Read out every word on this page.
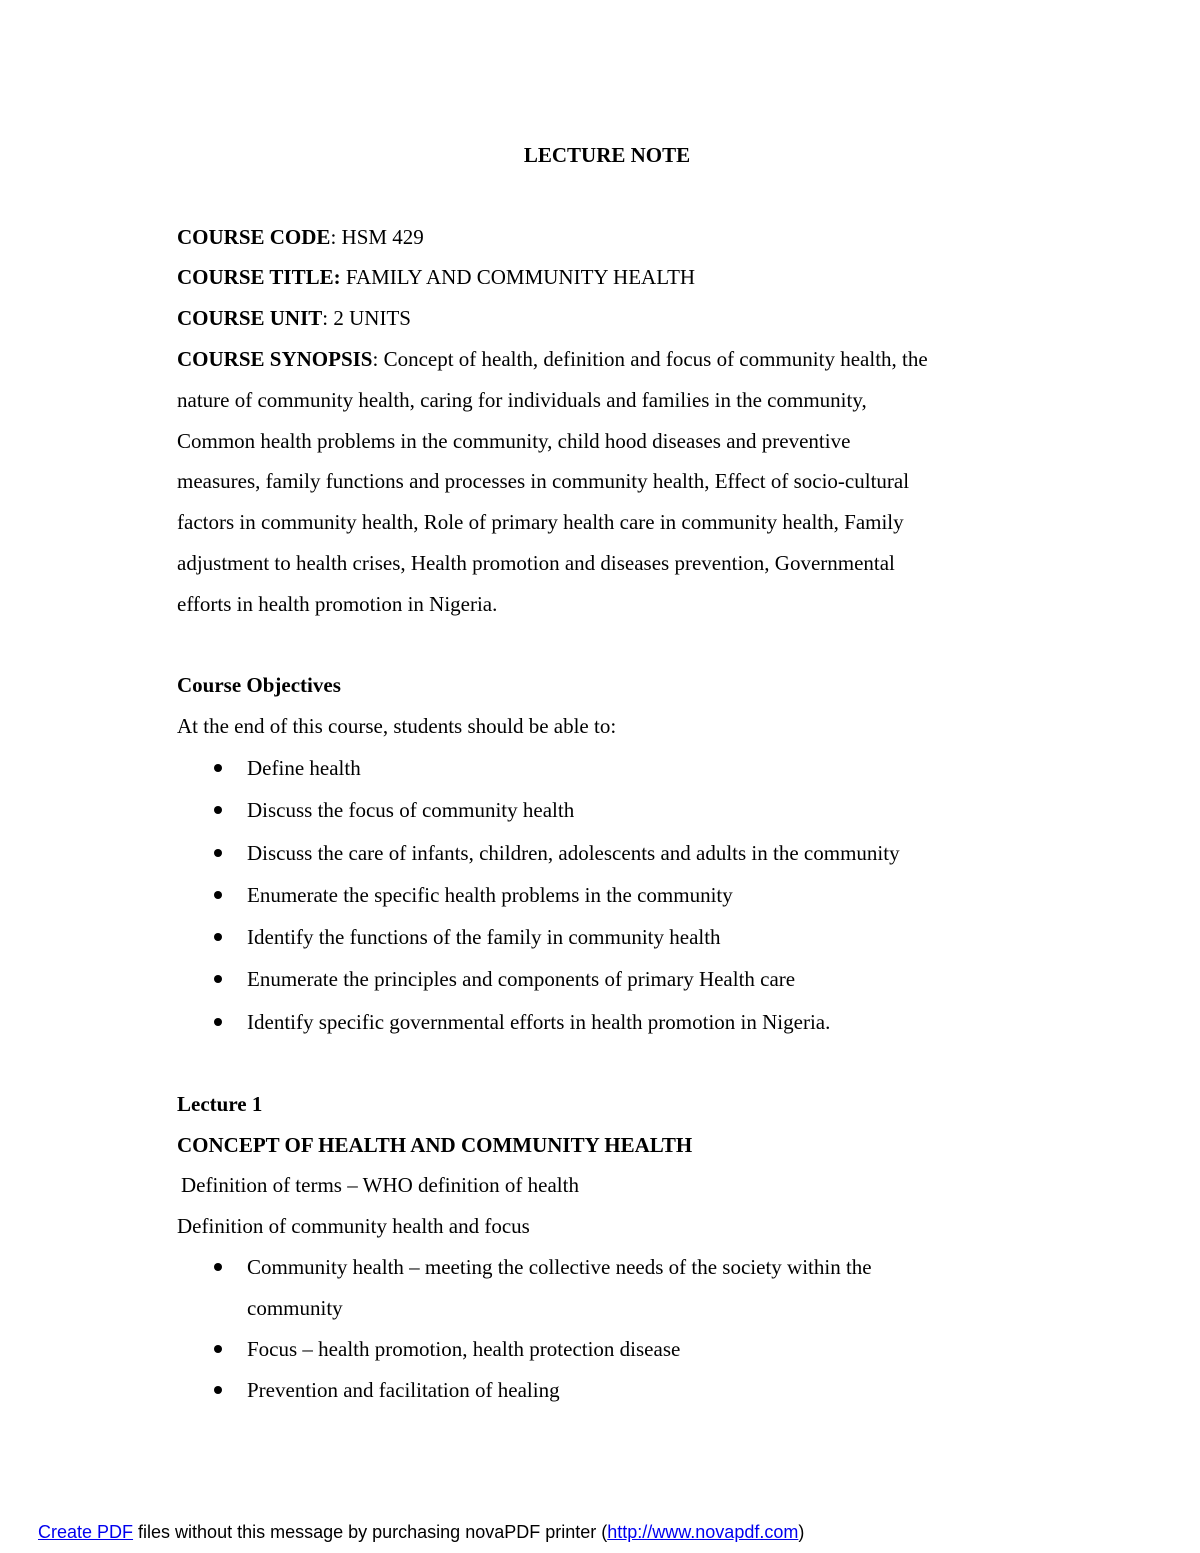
LECTURE NOTE
COURSE CODE: HSM 429
COURSE TITLE: FAMILY AND COMMUNITY HEALTH
COURSE UNIT: 2 UNITS
COURSE SYNOPSIS: Concept of health, definition and focus of community health, the
nature of community health, caring for individuals and families in the community,
Common health problems in the community, child hood diseases and preventive
measures, family functions and processes in community health, Effect of socio-cultural
factors in community health, Role of primary health care in community health, Family
adjustment to health crises, Health promotion and diseases prevention, Governmental
efforts in health promotion in Nigeria.
Course Objectives
At the end of this course, students should be able to:
Define health
Discuss the focus of community health
Discuss the care of infants, children, adolescents and adults in the community
Enumerate the specific health problems in the community
Identify the functions of the family in community health
Enumerate the principles and components of primary Health care
Identify specific governmental efforts in health promotion in Nigeria.
Lecture 1
CONCEPT OF HEALTH AND COMMUNITY HEALTH
Definition of terms – WHO definition of health
Definition of community health and focus
Community health – meeting the collective needs of the society within the community
Focus – health promotion, health protection disease
Prevention and facilitation of healing
Create PDF files without this message by purchasing novaPDF printer (http://www.novapdf.com)
